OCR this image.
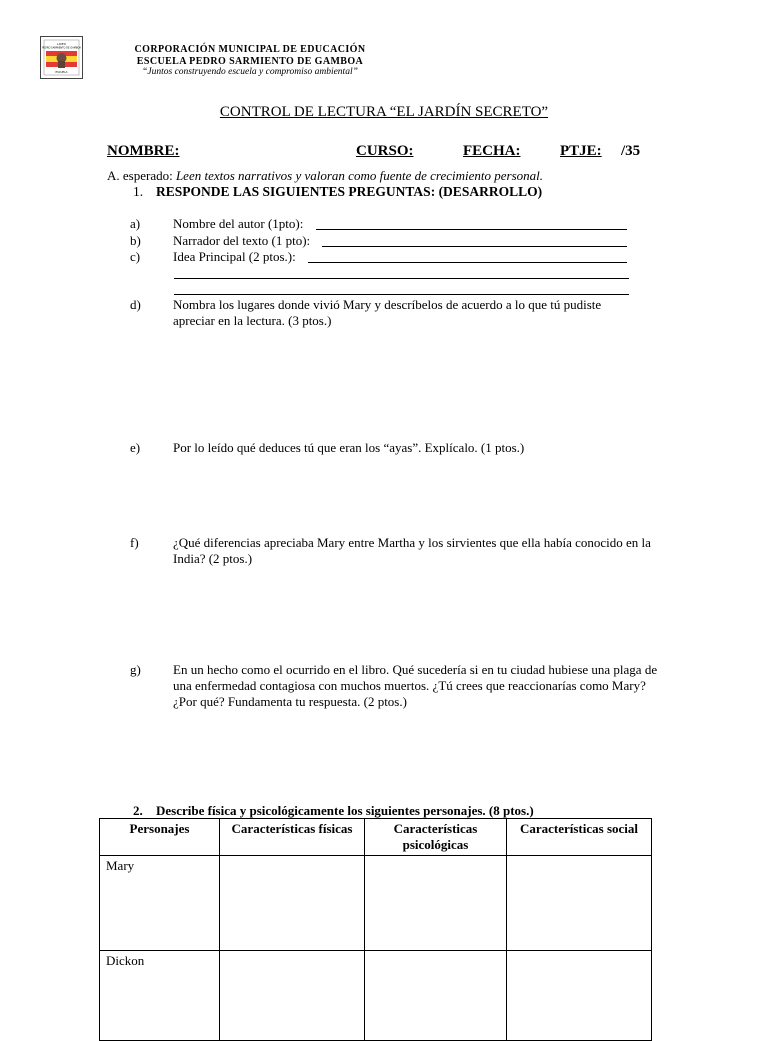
LICEO
PEDRO SARMIENTO DE GAMBOA
ESCUELA
CORPORACIÓN MUNICIPAL DE EDUCACIÓN
ESCUELA PEDRO SARMIENTO DE GAMBOA
“Juntos construyendo escuela y compromiso ambiental”
CONTROL DE LECTURA “EL JARDÍN SECRETO”
NOMBRE:	CURSO:	FECHA:	PTJE: /35
A. esperado: Leen textos narrativos y valoran como fuente de crecimiento personal.
1. RESPONDE LAS SIGUIENTES PREGUNTAS: (DESARROLLO)
a)	Nombre del autor (1pto):
b) Narrador del texto (1 pto):
c)	Idea Principal (2 ptos.):
d) Nombra los lugares donde vivió Mary y descríbelos de acuerdo a lo que tú pudiste apreciar en la lectura. (3 ptos.)
e)	Por lo leído qué deduces tú que eran los “ayas”. Explícalo. (1 ptos.)
f)	¿Qué diferencias apreciaba Mary entre Martha y los sirvientes que ella había conocido en la India? (2 ptos.)
g) En un hecho como el ocurrido en el libro. Qué sucedería si en tu ciudad hubiese una plaga de una enfermedad contagiosa con muchos muertos. ¿Tú crees que reaccionarías como Mary? ¿Por qué? Fundamenta tu respuesta. (2 ptos.)
2. Describe física y psicológicamente los siguientes personajes. (8 ptos.)
Personajes	Características físicas	Características psicológicas	Características social
Mary			
Dickon			
